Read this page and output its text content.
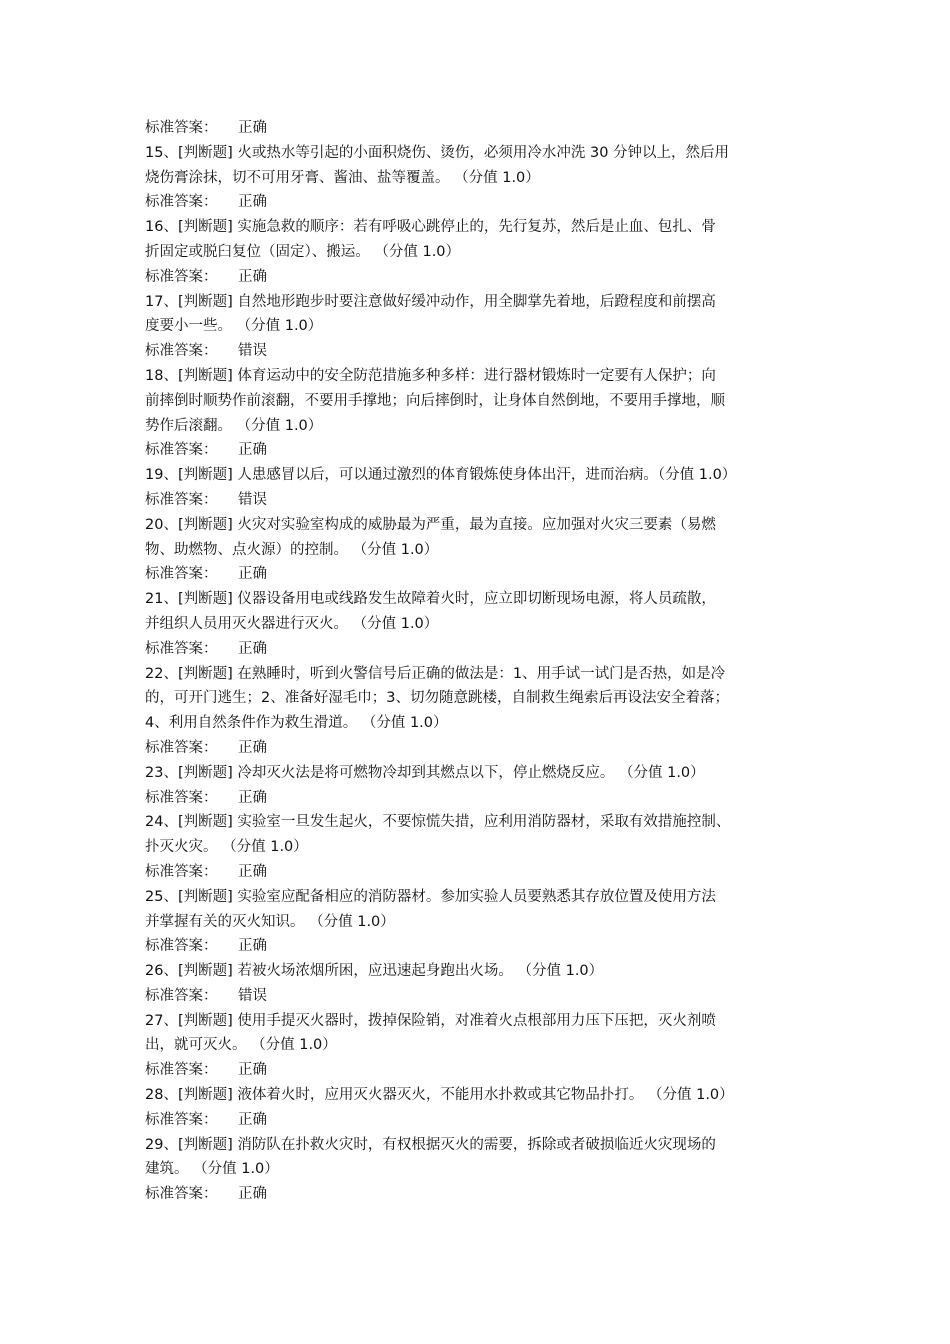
标准答案： 正确
15、[判断题] 火或热水等引起的小面积烧伤、烫伤，必须用冷水冲洗 30 分钟以上，然后用
烧伤膏涂抹，切不可用牙膏、酱油、盐等覆盖。 （分值 1.0）
标准答案： 正确
16、[判断题] 实施急救的顺序：若有呼吸心跳停止的，先行复苏，然后是止血、包扎、骨
折固定或脱臼复位（固定）、搬运。 （分值 1.0）
标准答案： 正确
17、[判断题] 自然地形跑步时要注意做好缓冲动作，用全脚掌先着地，后蹬程度和前摆高
度要小一些。 （分值 1.0）
标准答案： 错误
18、[判断题] 体育运动中的安全防范措施多种多样：进行器材锻炼时一定要有人保护；向
前摔倒时顺势作前滚翻，不要用手撑地；向后摔倒时，让身体自然倒地，不要用手撑地，顺
势作后滚翻。 （分值 1.0）
标准答案： 正确
19、[判断题] 人患感冒以后，可以通过激烈的体育锻炼使身体出汗，进而治病。（分值 1.0）
标准答案： 错误
20、[判断题] 火灾对实验室构成的威胁最为严重，最为直接。应加强对火灾三要素（易燃
物、助燃物、点火源）的控制。 （分值 1.0）
标准答案： 正确
21、[判断题] 仪器设备用电或线路发生故障着火时，应立即切断现场电源，将人员疏散，
并组织人员用灭火器进行灭火。 （分值 1.0）
标准答案： 正确
22、[判断题] 在熟睡时，听到火警信号后正确的做法是：1、用手试一试门是否热，如是冷
的，可开门逃生；2、准备好湿毛巾；3、切勿随意跳楼，自制救生绳索后再设法安全着落；
4、利用自然条件作为救生滑道。 （分值 1.0）
标准答案： 正确
23、[判断题] 冷却灭火法是将可燃物冷却到其燃点以下，停止燃烧反应。 （分值 1.0）
标准答案： 正确
24、[判断题] 实验室一旦发生起火，不要惊慌失措，应利用消防器材，采取有效措施控制、
扑灭火灾。 （分值 1.0）
标准答案： 正确
25、[判断题] 实验室应配备相应的消防器材。参加实验人员要熟悉其存放位置及使用方法
并掌握有关的灭火知识。 （分值 1.0）
标准答案： 正确
26、[判断题] 若被火场浓烟所困，应迅速起身跑出火场。 （分值 1.0）
标准答案： 错误
27、[判断题] 使用手提灭火器时，拨掉保险销，对准着火点根部用力压下压把，灭火剂喷
出，就可灭火。 （分值 1.0）
标准答案： 正确
28、[判断题] 液体着火时，应用灭火器灭火，不能用水扑救或其它物品扑打。 （分值 1.0）
标准答案： 正确
29、[判断题] 消防队在扑救火灾时，有权根据灭火的需要，拆除或者破损临近火灾现场的
建筑。 （分值 1.0）
标准答案： 正确
